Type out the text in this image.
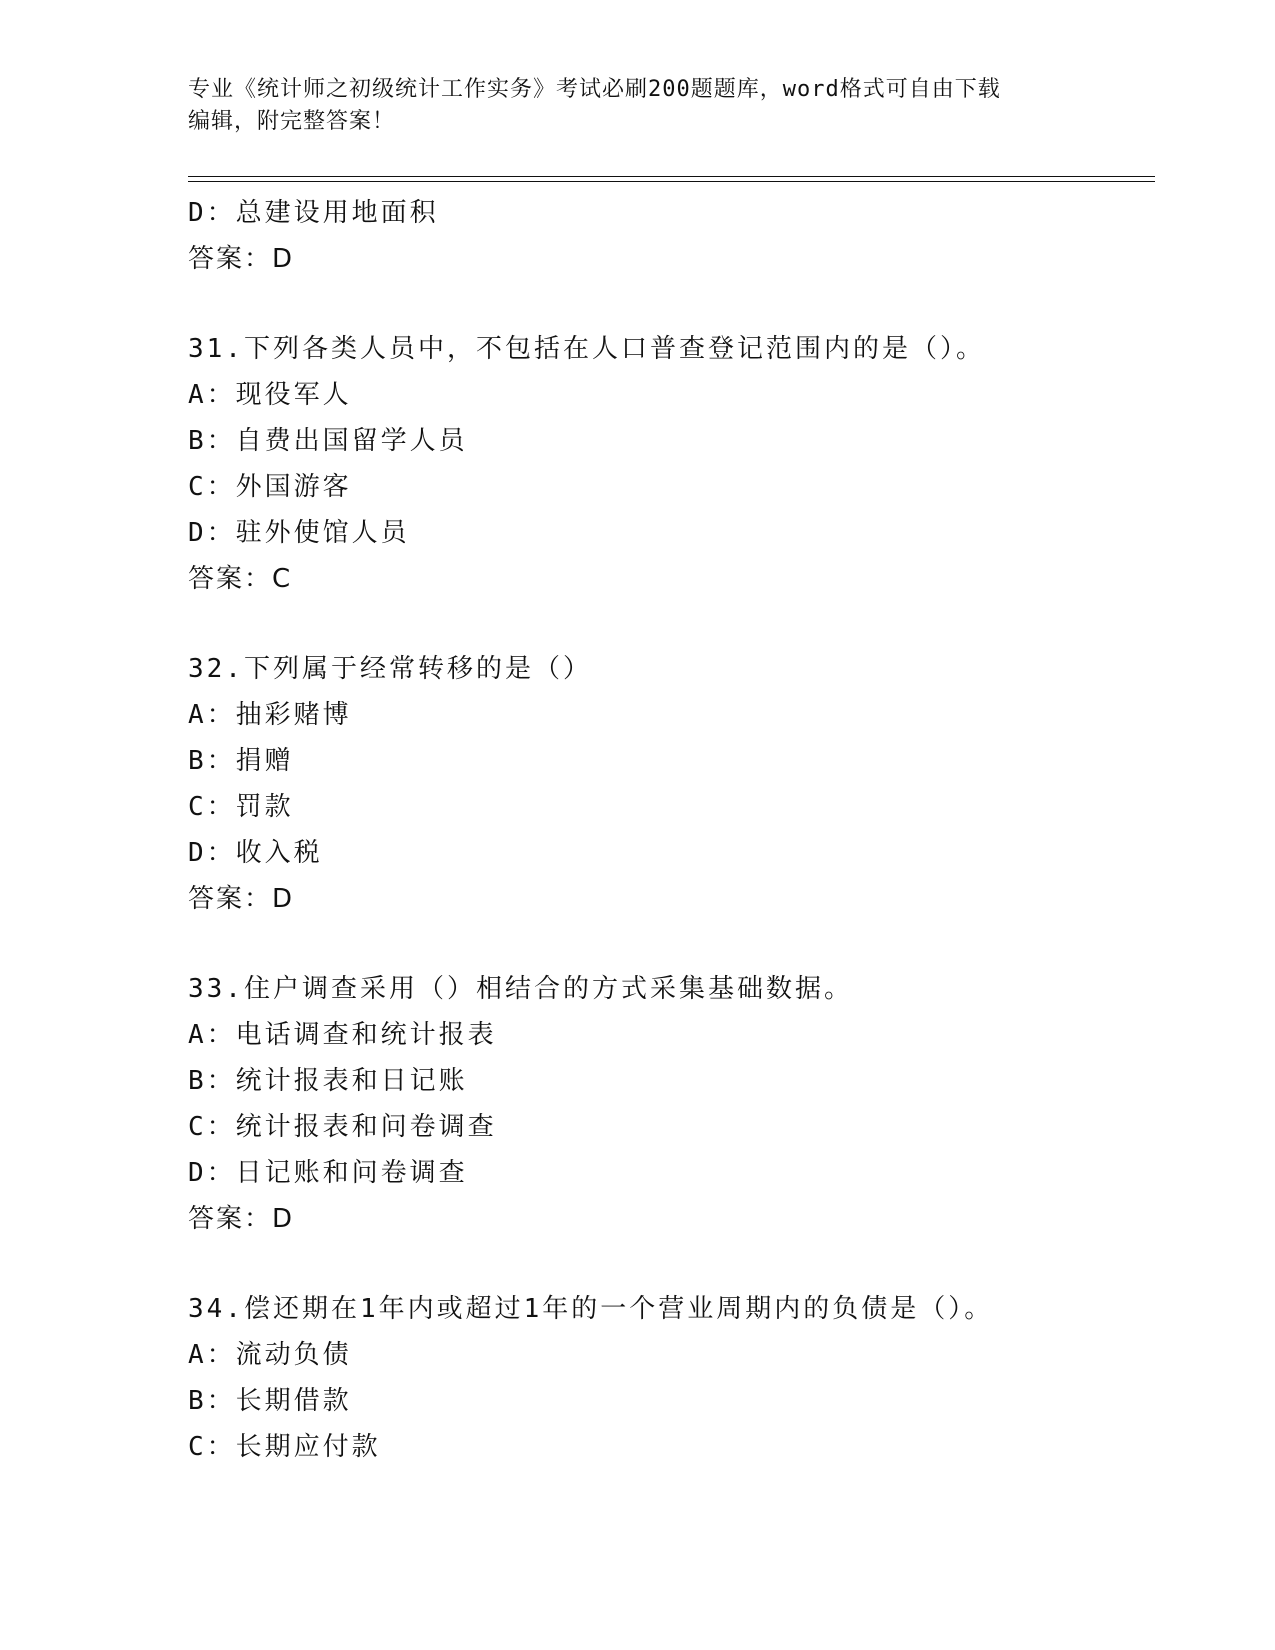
专业《统计师之初级统计工作实务》考试必刷200题题库，word格式可自由下载
编辑，附完整答案！
D：总建设用地面积
答案：D
31.下列各类人员中，不包括在人口普查登记范围内的是（）。
A：现役军人
B：自费出国留学人员
C：外国游客
D：驻外使馆人员
答案：C
32.下列属于经常转移的是（）
A：抽彩赌博
B：捐赠
C：罚款
D：收入税
答案：D
33.住户调查采用（）相结合的方式采集基础数据。
A：电话调查和统计报表
B：统计报表和日记账
C：统计报表和问卷调查
D：日记账和问卷调查
答案：D
34.偿还期在1年内或超过1年的一个营业周期内的负债是（）。
A：流动负债
B：长期借款
C：长期应付款
